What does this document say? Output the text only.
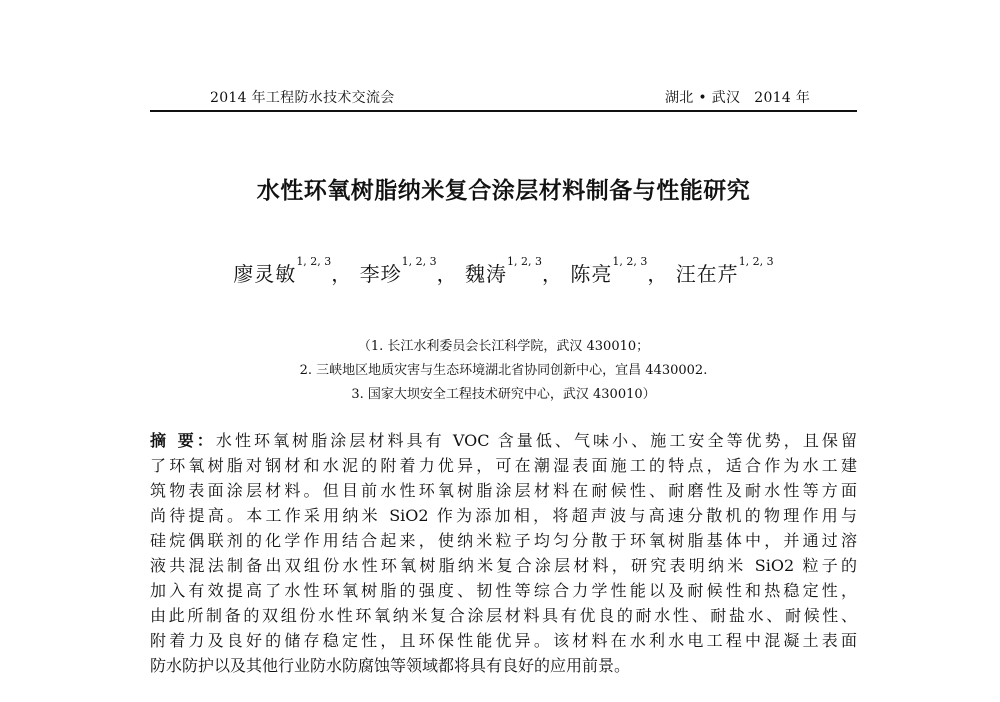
2014 年工程防水技术交流会	湖北 • 武汉 2014 年
水性环氧树脂纳米复合涂层材料制备与性能研究
廖灵敏$^{1, 2, 3}$， 李珍$^{1, 2, 3}$， 魏涛$^{1, 2, 3}$， 陈亮$^{1, 2, 3}$， 汪在芹$^{1, 2, 3}$
（1. 长江水利委员会长江科学院，武汉 430010；
2. 三峡地区地质灾害与生态环境湖北省协同创新中心，宜昌 4430002.
3. 国家大坝安全工程技术研究中心，武汉 430010）
摘 要：水性环氧树脂涂层材料具有 VOC 含量低、气味小、施工安全等优势，且保留
了环氧树脂对钢材和水泥的附着力优异，可在潮湿表面施工的特点，适合作为水工建
筑物表面涂层材料。但目前水性环氧树脂涂层材料在耐候性、耐磨性及耐水性等方面
尚待提高。本工作采用纳米 SiO2 作为添加相，将超声波与高速分散机的物理作用与
硅烷偶联剂的化学作用结合起来，使纳米粒子均匀分散于环氧树脂基体中，并通过溶
液共混法制备出双组份水性环氧树脂纳米复合涂层材料，研究表明纳米 SiO2 粒子的
加入有效提高了水性环氧树脂的强度、韧性等综合力学性能以及耐候性和热稳定性，
由此所制备的双组份水性环氧纳米复合涂层材料具有优良的耐水性、耐盐水、耐候性、
附着力及良好的储存稳定性，且环保性能优异。该材料在水利水电工程中混凝土表面
防水防护以及其他行业防水防腐蚀等领域都将具有良好的应用前景。
